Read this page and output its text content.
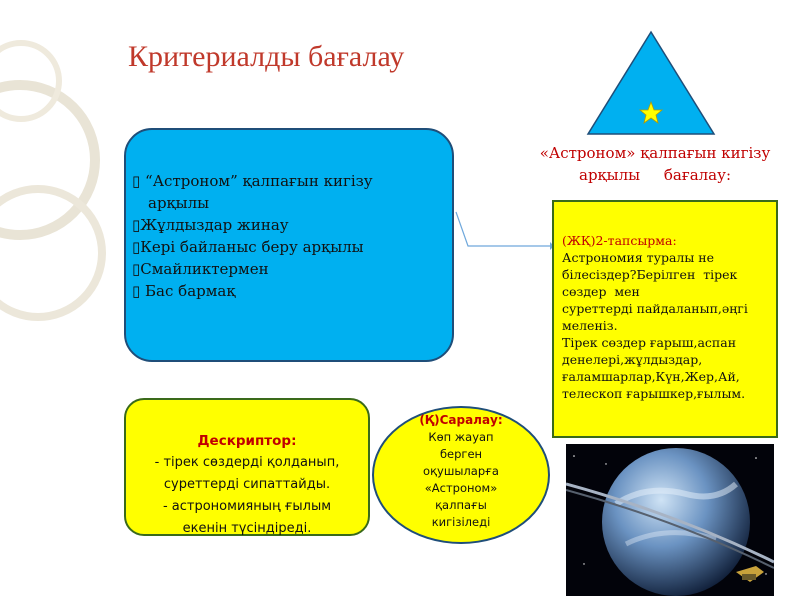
Критериалды бағалау
▯ “Астроном” қалпағын кигізу
арқылы
▯Жұлдыздар жинау
▯Кері байланыс беру арқылы
▯Смайликтермен
▯ Бас бармақ
«Астроном» қалпағын кигізу
арқылы     бағалау:
(ЖҚ)2-тапсырма:
Астрономия туралы не
білесіздер?Берілген  тірек
сөздер  мен
суреттерді пайдаланып,әңгі
меленіз.
Тірек сөздер ғарыш,аспан
денелері,жұлдыздар,
ғаламшарлар,Күн,Жер,Ай,
телескоп ғарышкер,ғылым.
Дескриптор:
- тірек сөздерді қолданып,
суреттерді сипаттайды.
- астрономияның ғылым
екенін түсіндіреді.
(Қ)Саралау:
Көп жауап
берген
оқушыларға
«Астроном»
қалпағы
кигізіледі
